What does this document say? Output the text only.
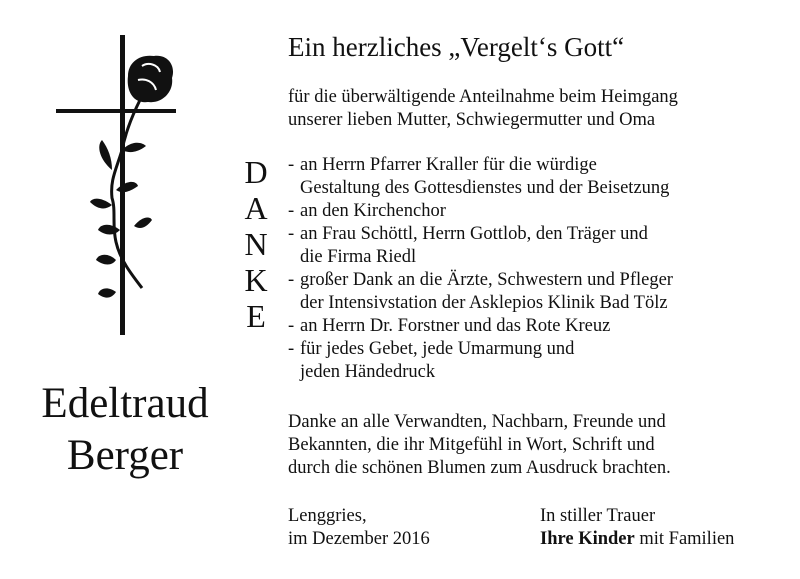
Edeltraud
Berger
Ein herzliches „Vergelt‘s Gott“
für die überwältigende Anteilnahme beim Heimgang
unserer lieben Mutter, Schwiegermutter und Oma
D
A
N
K
E
- an Herrn Pfarrer Kraller für die würdige
Gestaltung des Gottesdienstes und der Beisetzung
- an den Kirchenchor
- an Frau Schöttl, Herrn Gottlob, den Träger und
die Firma Riedl
- großer Dank an die Ärzte, Schwestern und Pfleger
der Intensivstation der Asklepios Klinik Bad Tölz
- an Herrn Dr. Forstner und das Rote Kreuz
- für jedes Gebet, jede Umarmung und
jeden Händedruck
Danke an alle Verwandten, Nachbarn, Freunde und
Bekannten, die ihr Mitgefühl in Wort, Schrift und
durch die schönen Blumen zum Ausdruck brachten.
Lenggries,
im Dezember 2016
In stiller Trauer
Ihre Kinder mit Familien
